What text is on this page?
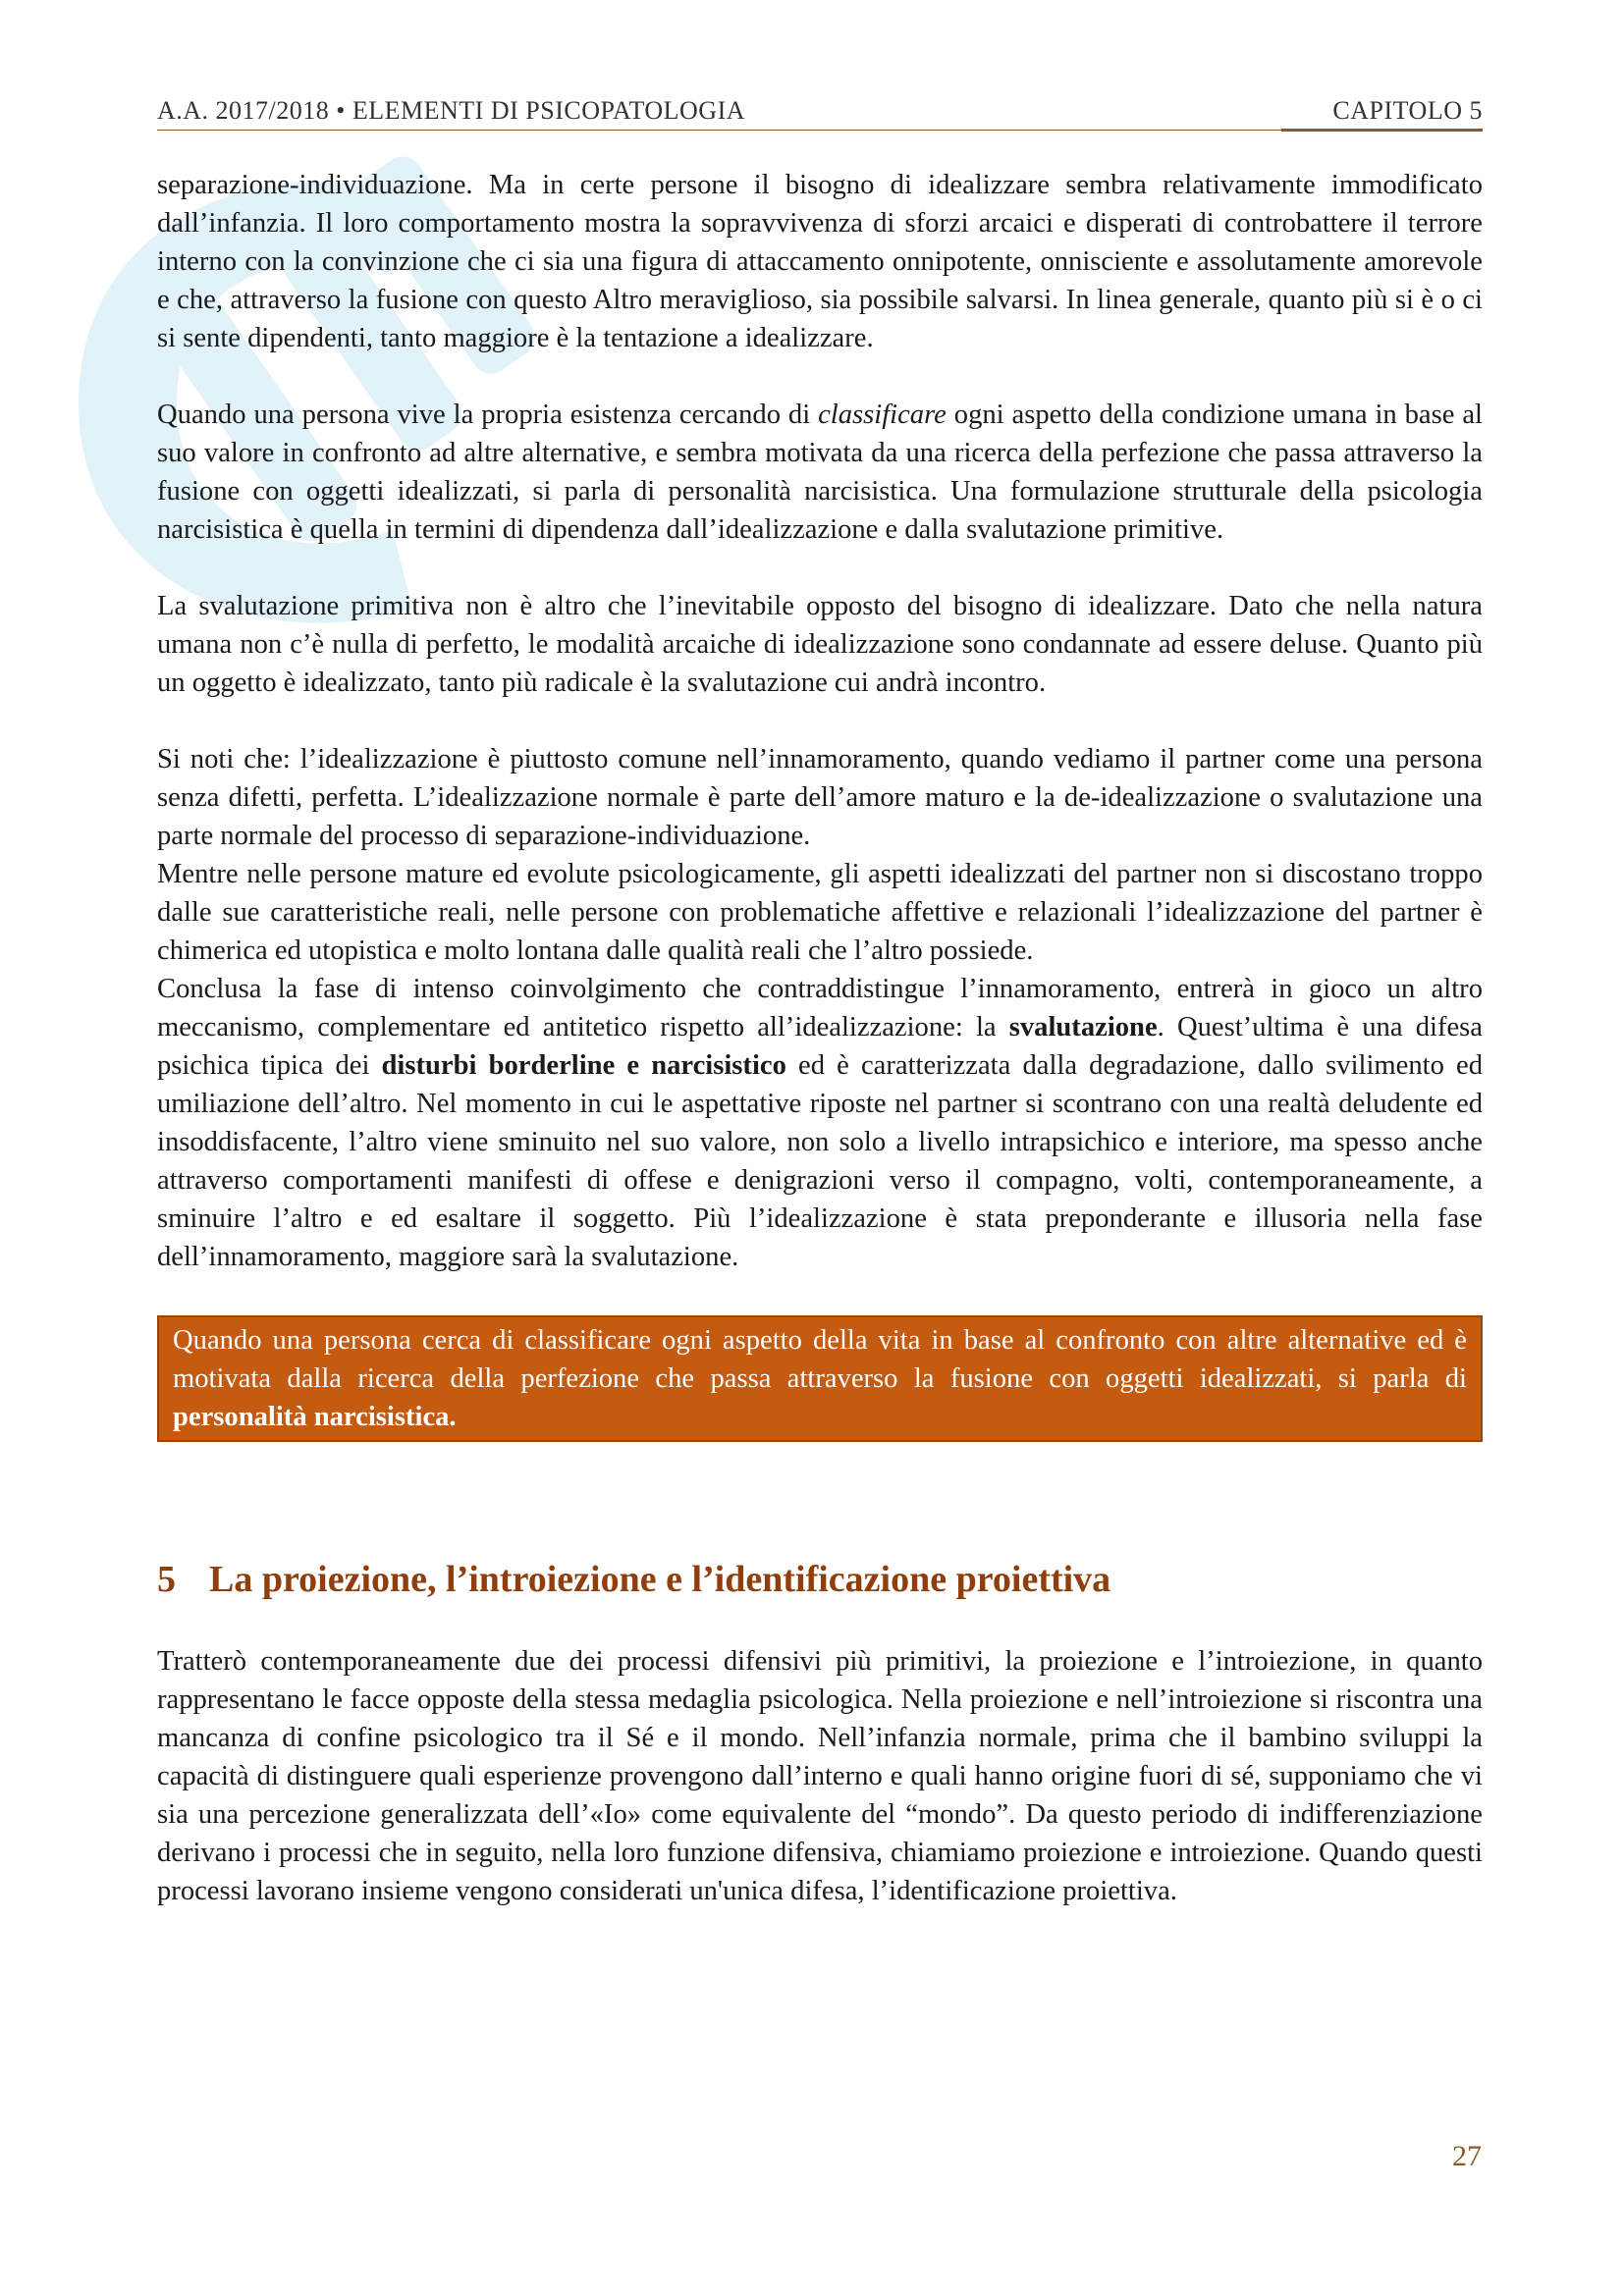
A.A. 2017/2018 • ELEMENTI DI PSICOPATOLOGIA	CAPITOLO 5

separazione-individuazione. Ma in certe persone il bisogno di idealizzare sembra relativamente immodificato dall’infanzia. Il loro comportamento mostra la sopravvivenza di sforzi arcaici e disperati di controbattere il terrore interno con la convinzione che ci sia una figura di attaccamento onnipotente, onnisciente e assolutamente amorevole e che, attraverso la fusione con questo Altro meraviglioso, sia possibile salvarsi. In linea generale, quanto più si è o ci si sente dipendenti, tanto maggiore è la tentazione a idealizzare.

Quando una persona vive la propria esistenza cercando di classificare ogni aspetto della condizione umana in base al suo valore in confronto ad altre alternative, e sembra motivata da una ricerca della perfezione che passa attraverso la fusione con oggetti idealizzati, si parla di personalità narcisistica. Una formulazione strutturale della psicologia narcisistica è quella in termini di dipendenza dall’idealizzazione e dalla svalutazione primitive.

La svalutazione primitiva non è altro che l’inevitabile opposto del bisogno di idealizzare. Dato che nella natura umana non c’è nulla di perfetto, le modalità arcaiche di idealizzazione sono condannate ad essere deluse. Quanto più un oggetto è idealizzato, tanto più radicale è la svalutazione cui andrà incontro.

Si noti che: l’idealizzazione è piuttosto comune nell’innamoramento, quando vediamo il partner come una persona senza difetti, perfetta. L’idealizzazione normale è parte dell’amore maturo e la de-idealizzazione o svalutazione una parte normale del processo di separazione-individuazione.

Mentre nelle persone mature ed evolute psicologicamente, gli aspetti idealizzati del partner non si discostano troppo dalle sue caratteristiche reali, nelle persone con problematiche affettive e relazionali l’idealizzazione del partner è chimerica ed utopistica e molto lontana dalle qualità reali che l’altro possiede.

Conclusa la fase di intenso coinvolgimento che contraddistingue l’innamoramento, entrerà in gioco un altro meccanismo, complementare ed antitetico rispetto all’idealizzazione: la svalutazione. Quest’ultima è una difesa psichica tipica dei disturbi borderline e narcisistico ed è caratterizzata dalla degradazione, dallo svilimento ed umiliazione dell’altro. Nel momento in cui le aspettative riposte nel partner si scontrano con una realtà deludente ed insoddisfacente, l’altro viene sminuito nel suo valore, non solo a livello intrapsichico e interiore, ma spesso anche attraverso comportamenti manifesti di offese e denigrazioni verso il compagno, volti, contemporaneamente, a sminuire l’altro e ed esaltare il soggetto. Più l’idealizzazione è stata preponderante e illusoria nella fase dell’innamoramento, maggiore sarà la svalutazione.

Quando una persona cerca di classificare ogni aspetto della vita in base al confronto con altre alternative ed è motivata dalla ricerca della perfezione che passa attraverso la fusione con oggetti idealizzati, si parla di personalità narcisistica.

5 La proiezione, l’introiezione e l’identificazione proiettiva

Tratterò contemporaneamente due dei processi difensivi più primitivi, la proiezione e l’introiezione, in quanto rappresentano le facce opposte della stessa medaglia psicologica. Nella proiezione e nell’introiezione si riscontra una mancanza di confine psicologico tra il Sé e il mondo. Nell’infanzia normale, prima che il bambino sviluppi la capacità di distinguere quali esperienze provengono dall’interno e quali hanno origine fuori di sé, supponiamo che vi sia una percezione generalizzata dell’«Io» come equivalente del “mondo”. Da questo periodo di indifferenziazione derivano i processi che in seguito, nella loro funzione difensiva, chiamiamo proiezione e introiezione. Quando questi processi lavorano insieme vengono considerati un'unica difesa, l’identificazione proiettiva.

27
